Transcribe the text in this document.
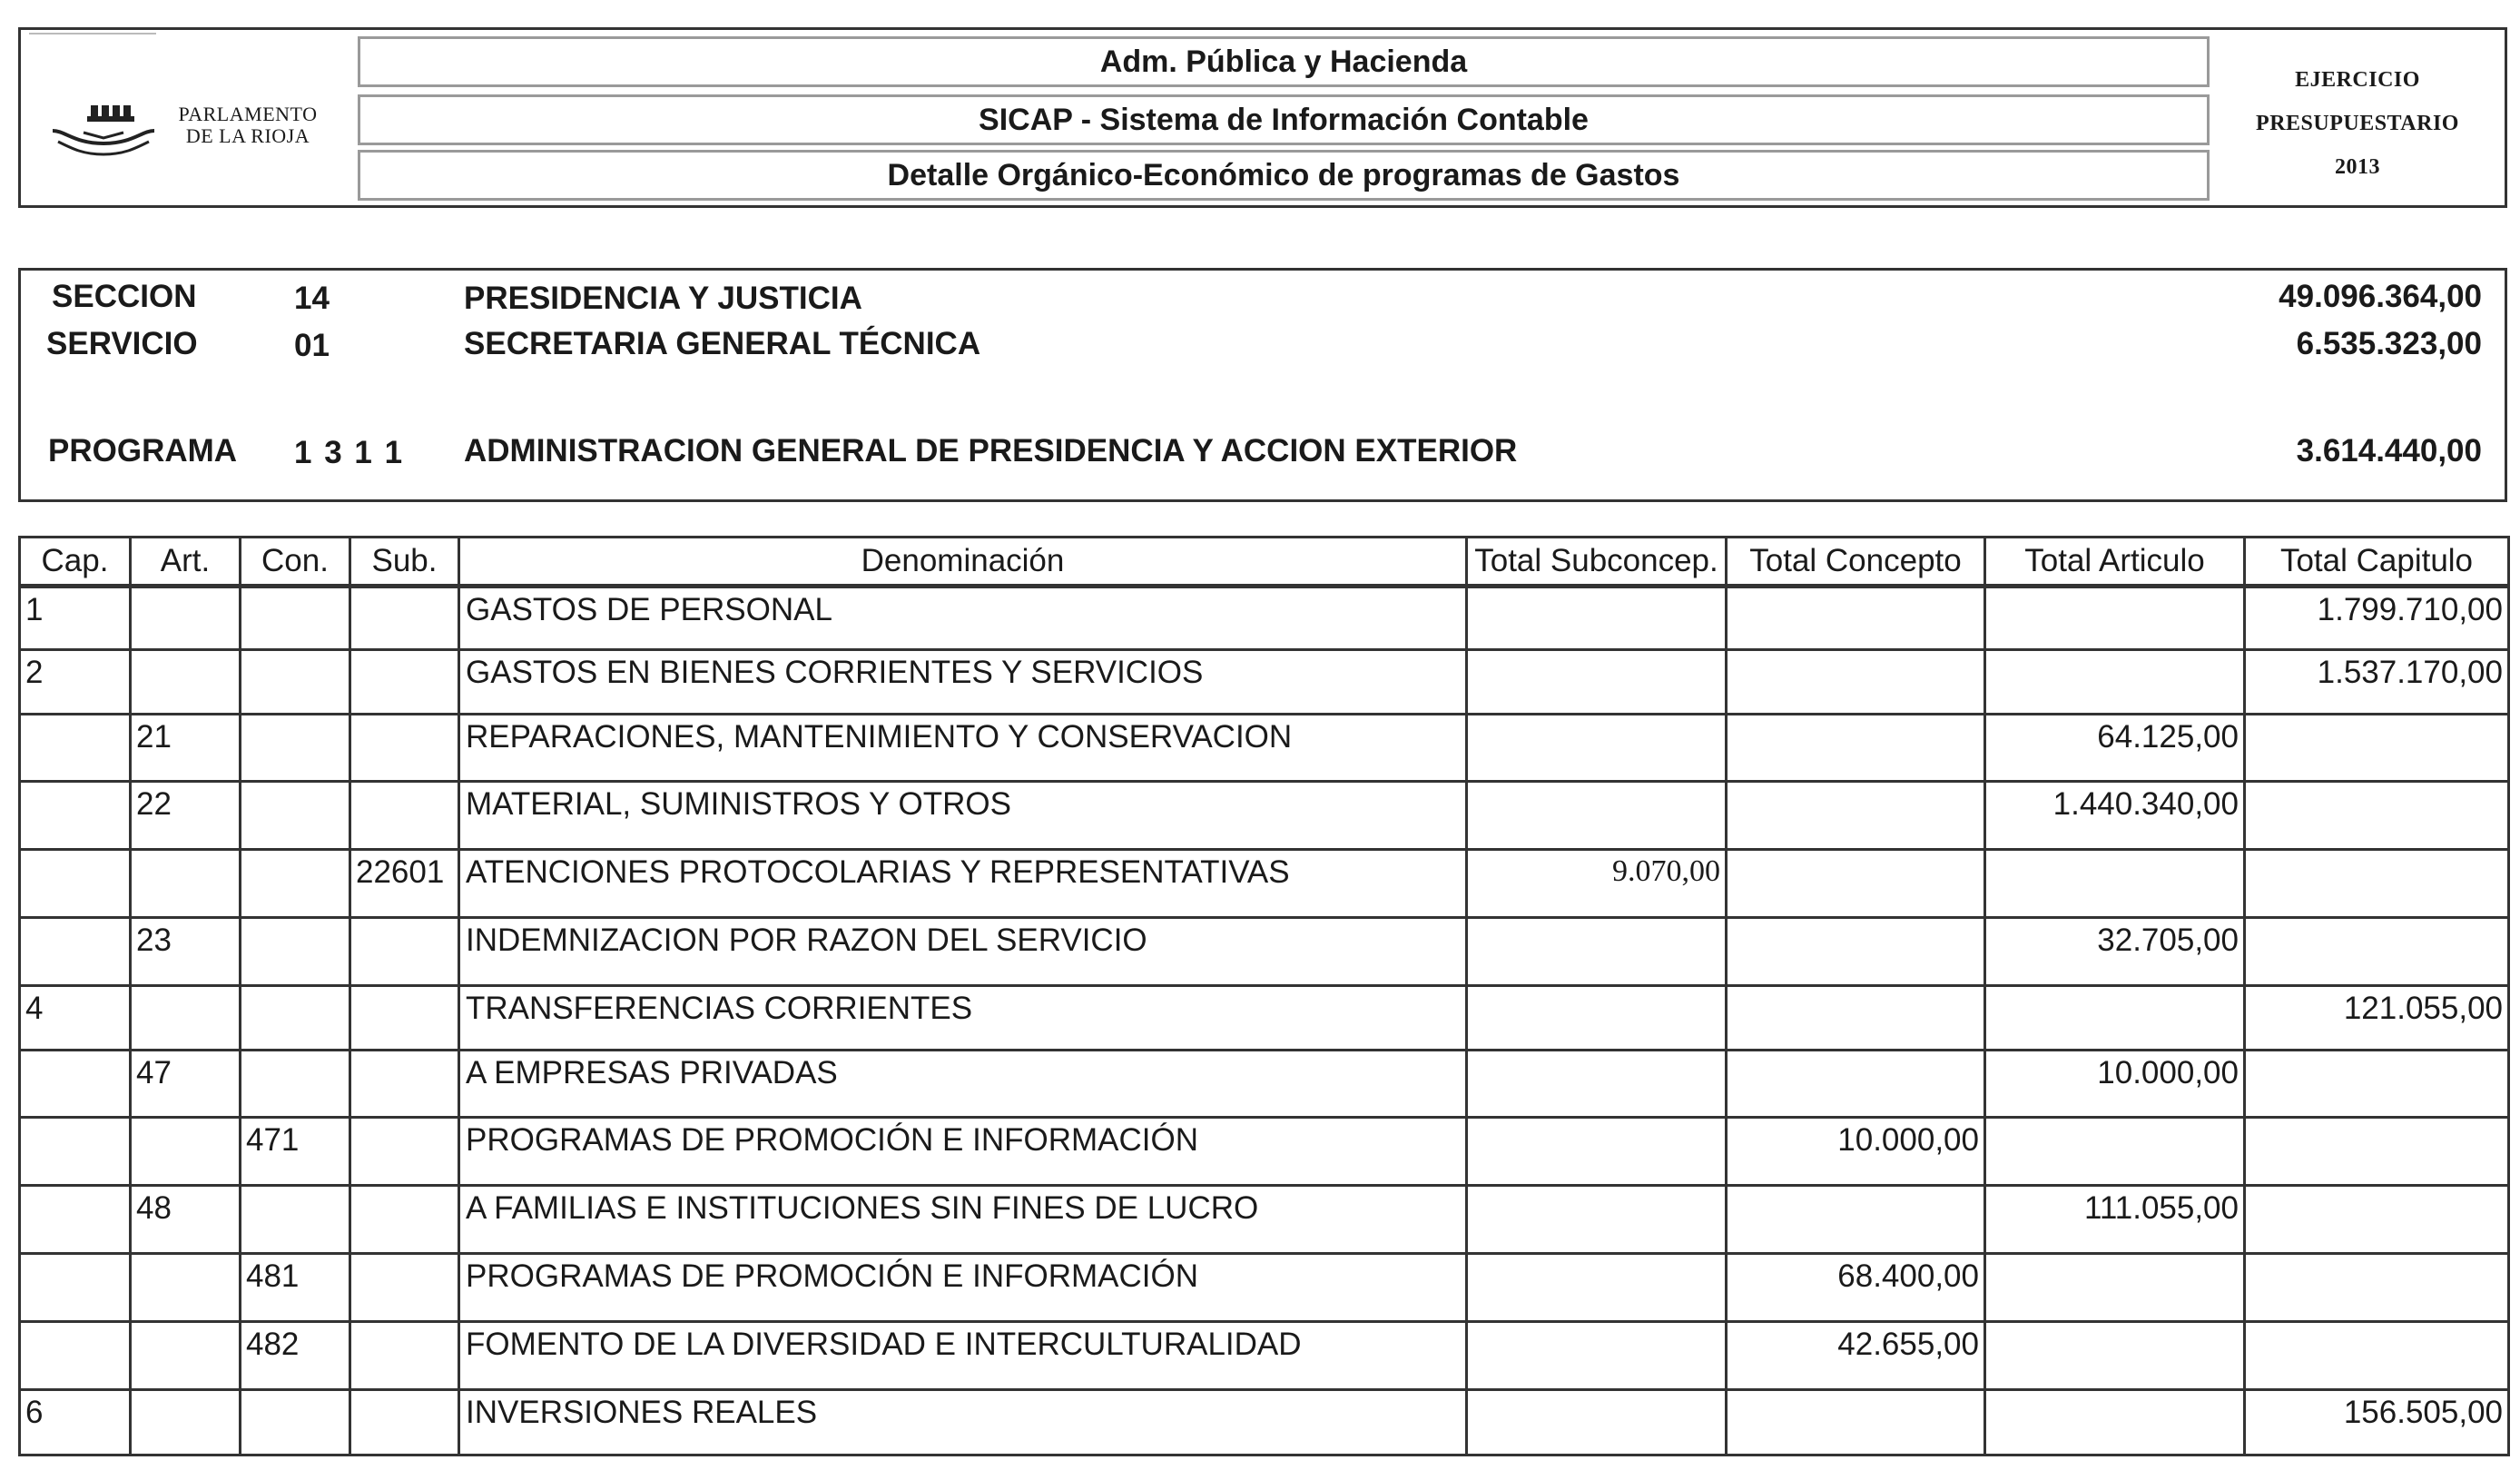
PARLAMENTO
DE LA RIOJA
Adm. Pública y Hacienda
SICAP - Sistema de Información Contable
Detalle Orgánico-Económico de programas de Gastos
EJERCICIO
PRESUPUESTARIO
2013
SECCION	14	PRESIDENCIA Y JUSTICIA	49.096.364,00
SERVICIO	01	SECRETARIA GENERAL TÉCNICA	6.535.323,00
PROGRAMA 1 3 1 1 ADMINISTRACION GENERAL DE PRESIDENCIA Y ACCION EXTERIOR	3.614.440,00
Cap.	Art.	Con.	Sub.	Denominación	Total Subconcep.	Total Concepto	Total Articulo	Total Capitulo
1				GASTOS DE PERSONAL				1.799.710,00
2				GASTOS EN BIENES CORRIENTES Y SERVICIOS				1.537.170,00
	21			REPARACIONES, MANTENIMIENTO Y CONSERVACION			64.125,00	
	22			MATERIAL, SUMINISTROS Y OTROS			1.440.340,00	
			22601	ATENCIONES PROTOCOLARIAS Y REPRESENTATIVAS	9.070,00			
	23			INDEMNIZACION POR RAZON DEL SERVICIO			32.705,00	
4				TRANSFERENCIAS CORRIENTES				121.055,00
	47			A EMPRESAS PRIVADAS			10.000,00	
		471		PROGRAMAS DE PROMOCIÓN E INFORMACIÓN		10.000,00		
	48			A FAMILIAS E INSTITUCIONES SIN FINES DE LUCRO			111.055,00	
		481		PROGRAMAS DE PROMOCIÓN E INFORMACIÓN		68.400,00		
		482		FOMENTO DE LA DIVERSIDAD E INTERCULTURALIDAD		42.655,00		
6				INVERSIONES REALES				156.505,00
